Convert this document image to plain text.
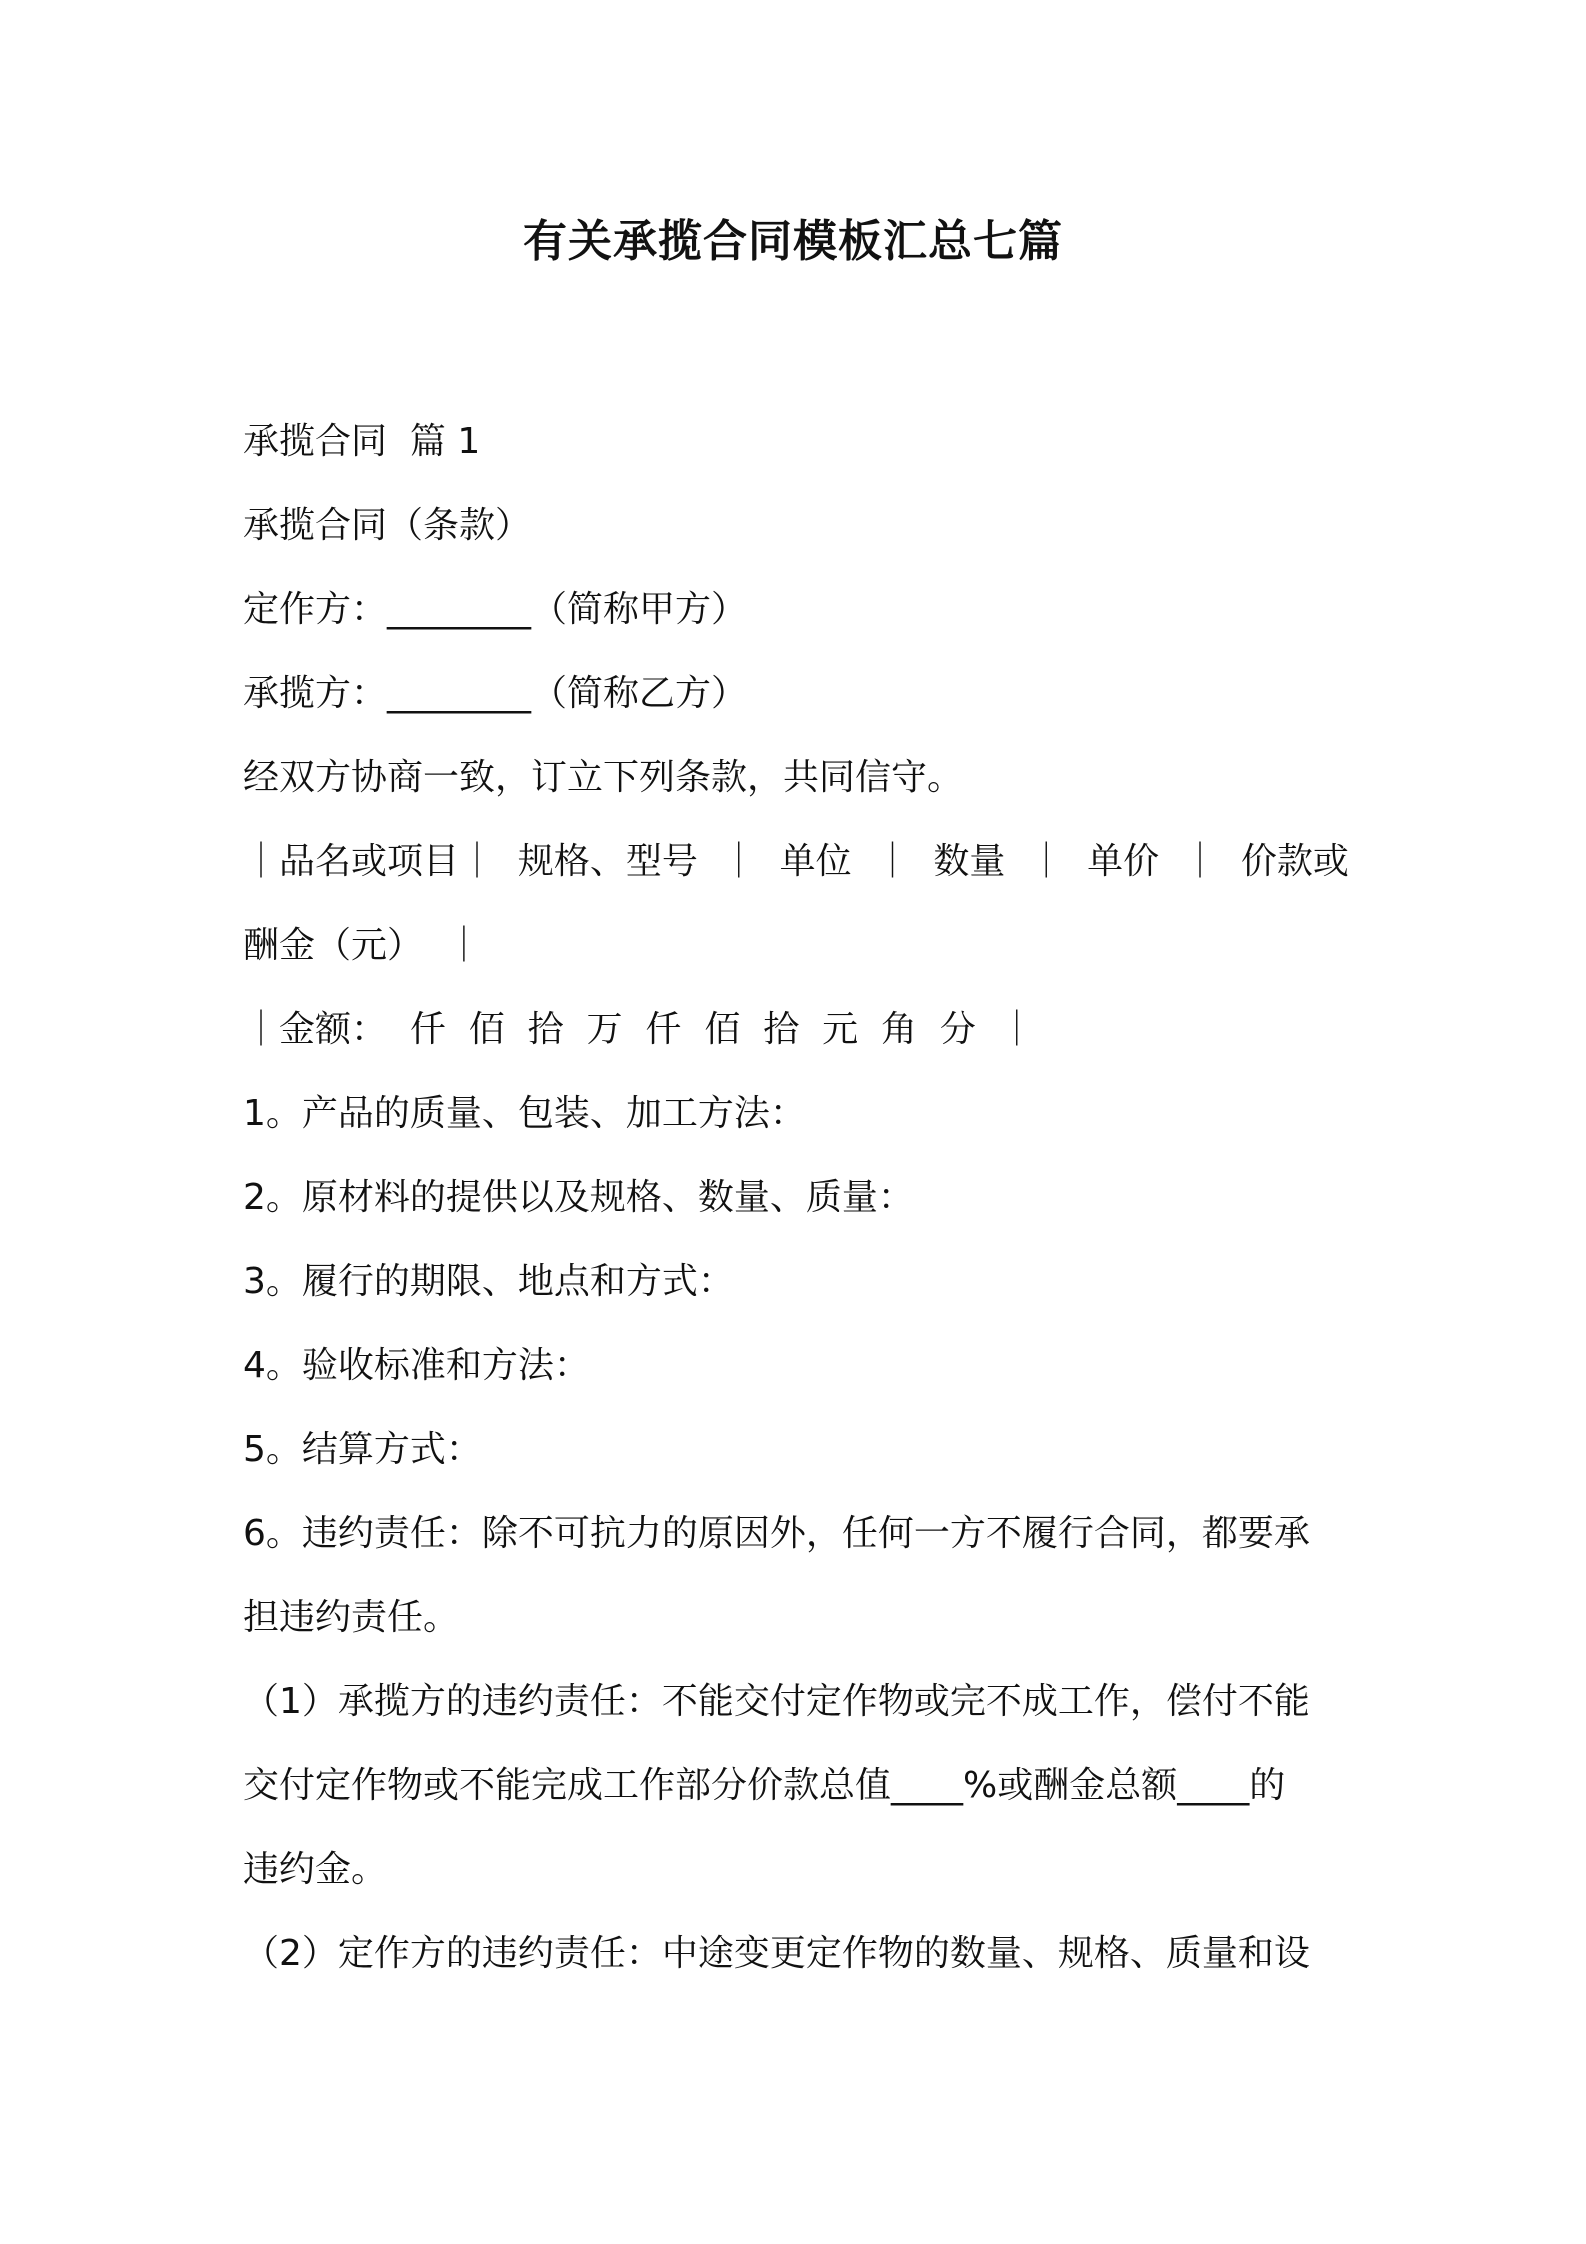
有关承揽合同模板汇总七篇
承揽合同  篇 1
承揽合同（条款）
定作方：________（简称甲方）
承揽方：________（简称乙方）
经双方协商一致，订立下列条款，共同信守。
｜品名或项目｜ 规格、型号 ｜ 单位 ｜ 数量 ｜ 单价 ｜ 价款或
酬金（元）  ｜
｜金额：  仟  佰  拾  万  仟  佰  拾  元  角  分  ｜
1。产品的质量、包装、加工方法：
2。原材料的提供以及规格、数量、质量：
3。履行的期限、地点和方式：
4。验收标准和方法：
5。结算方式：
6。违约责任：除不可抗力的原因外，任何一方不履行合同，都要承
担违约责任。
（1）承揽方的违约责任：不能交付定作物或完不成工作，偿付不能
交付定作物或不能完成工作部分价款总值____%或酬金总额____的
违约金。
（2）定作方的违约责任：中途变更定作物的数量、规格、质量和设
